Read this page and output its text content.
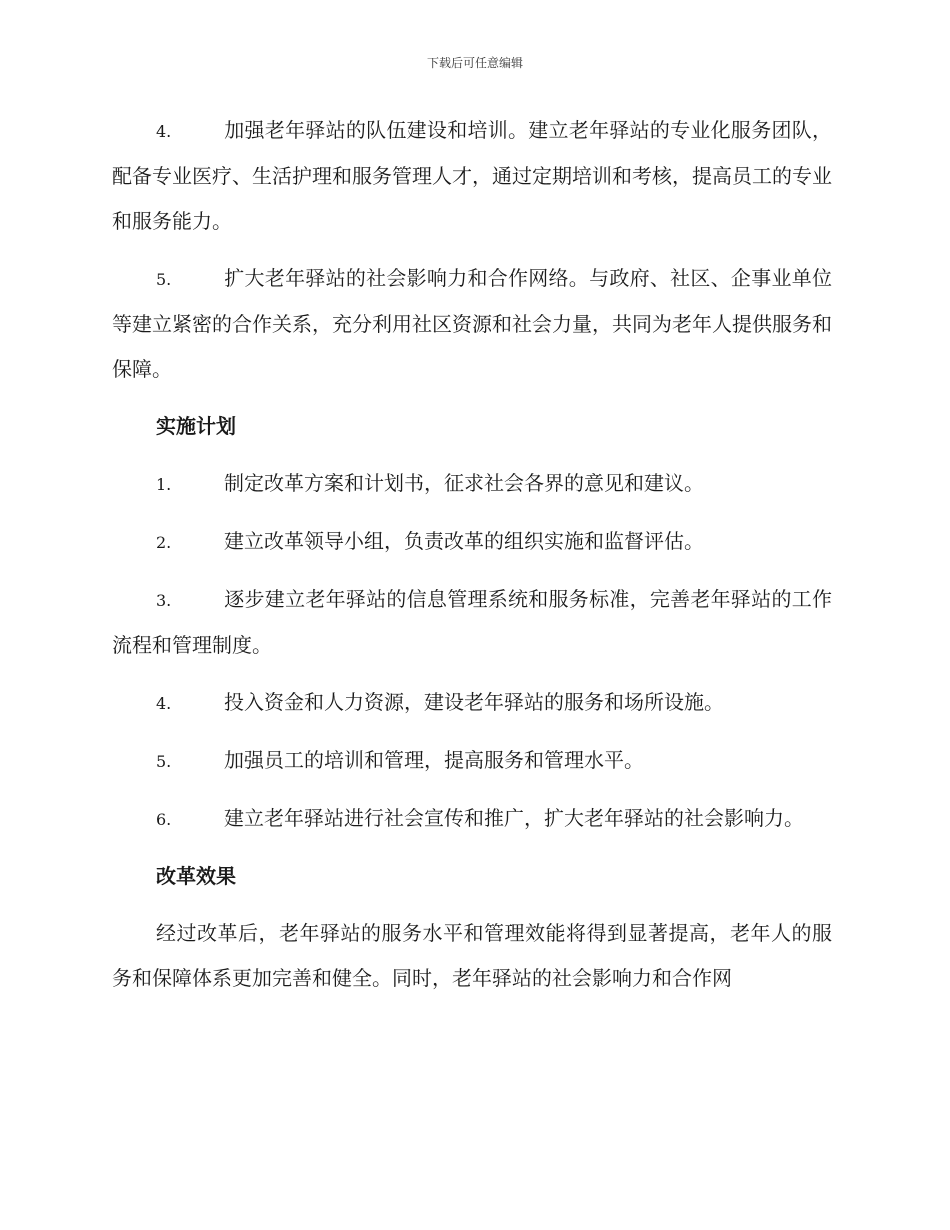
下载后可任意编辑

4.	加强老年驿站的队伍建设和培训。建立老年驿站的专业化服务团队，配备专业医疗、生活护理和服务管理人才，通过定期培训和考核，提高员工的专业和服务能力。

5.	扩大老年驿站的社会影响力和合作网络。与政府、社区、企事业单位等建立紧密的合作关系，充分利用社区资源和社会力量，共同为老年人提供服务和保障。

实施计划

1.	制定改革方案和计划书，征求社会各界的意见和建议。

2.	建立改革领导小组，负责改革的组织实施和监督评估。

3.	逐步建立老年驿站的信息管理系统和服务标准，完善老年驿站的工作流程和管理制度。

4.	投入资金和人力资源，建设老年驿站的服务和场所设施。

5.	加强员工的培训和管理，提高服务和管理水平。

6.	建立老年驿站进行社会宣传和推广，扩大老年驿站的社会影响力。

改革效果

经过改革后，老年驿站的服务水平和管理效能将得到显著提高，老年人的服务和保障体系更加完善和健全。同时，老年驿站的社会影响力和合作网
